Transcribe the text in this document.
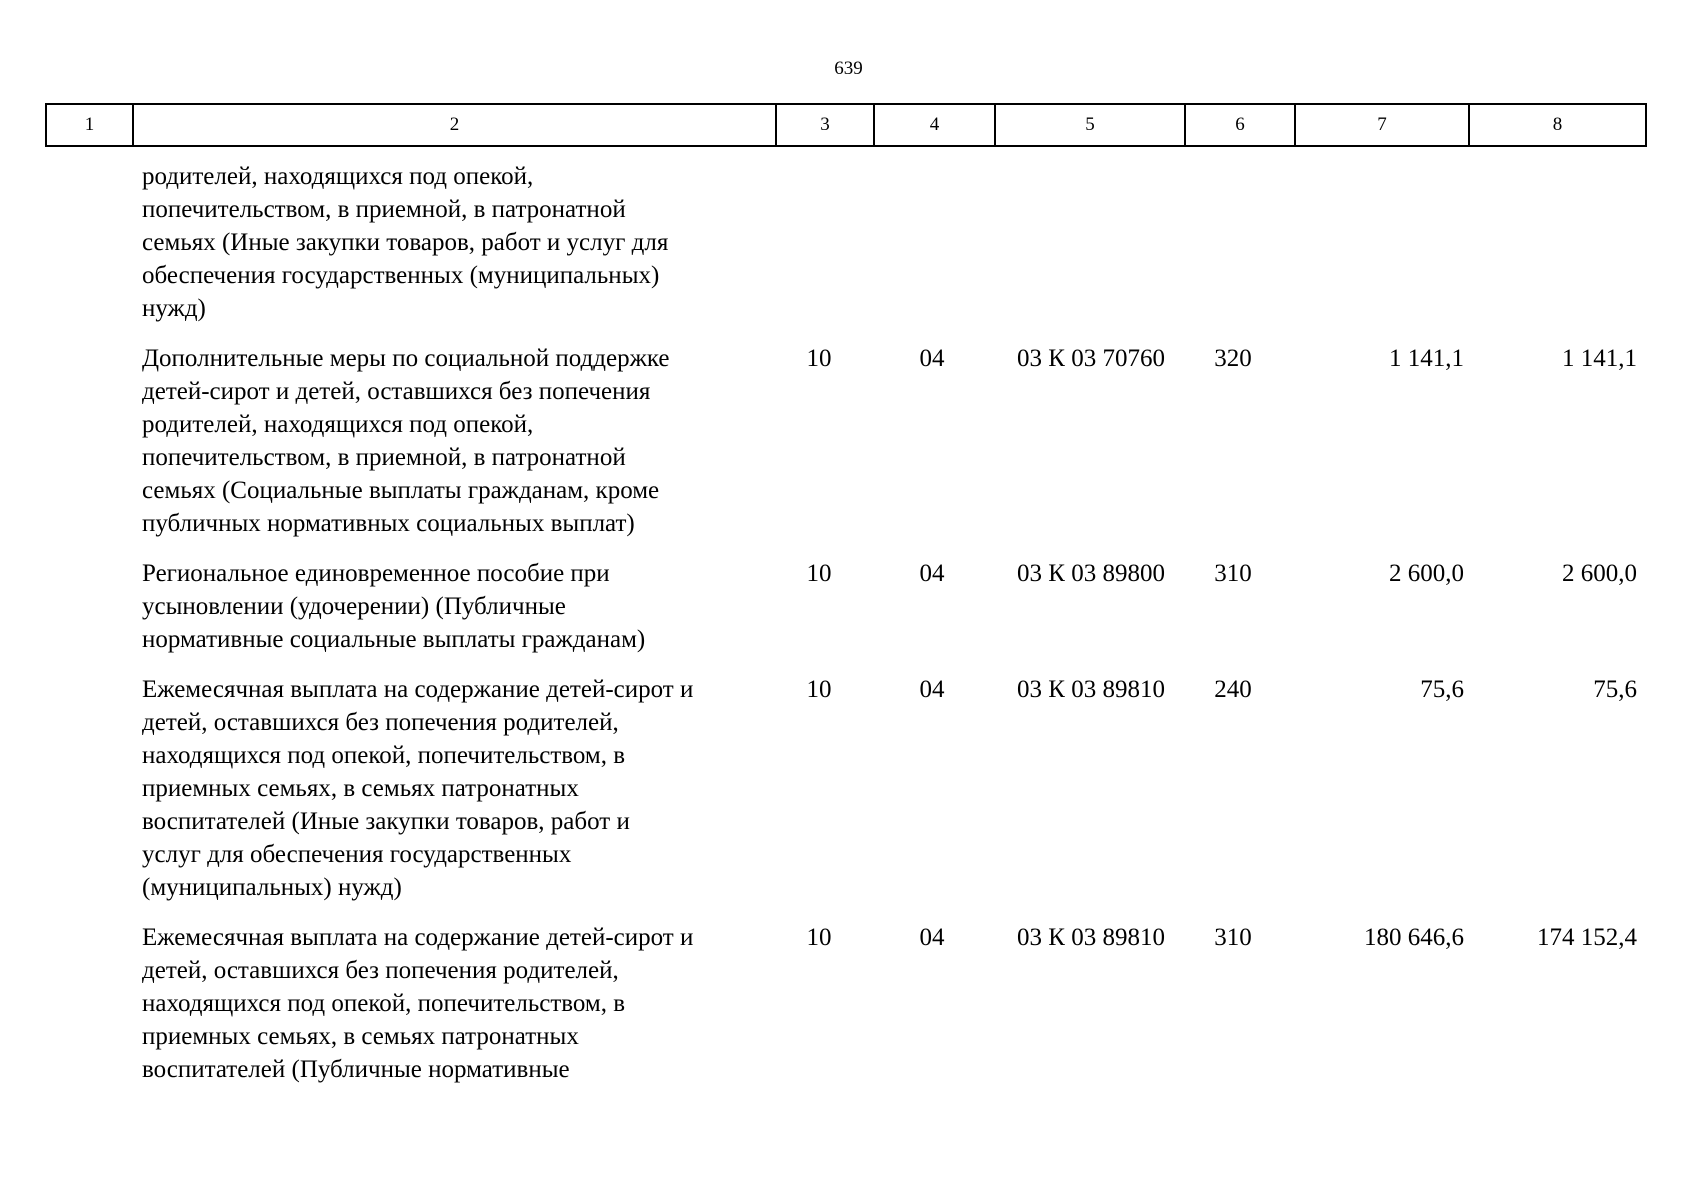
639
1	2	3	4	5	6	7	8
родителей, находящихся под опекой,
попечительством, в приемной, в патронатной
семьях (Иные закупки товаров, работ и услуг для
обеспечения государственных (муниципальных)
нужд)
Дополнительные меры по социальной поддержке
детей-сирот и детей, оставшихся без попечения
родителей, находящихся под опекой,
попечительством, в приемной, в патронатной
семьях (Социальные выплаты гражданам, кроме
публичных нормативных социальных выплат)
10	04	03 К 03 70760	320	1 141,1	1 141,1
Региональное единовременное пособие при
усыновлении (удочерении) (Публичные
нормативные социальные выплаты гражданам)
10	04	03 К 03 89800	310	2 600,0	2 600,0
Ежемесячная выплата на содержание детей-сирот и
детей, оставшихся без попечения родителей,
находящихся под опекой, попечительством, в
приемных семьях, в семьях патронатных
воспитателей (Иные закупки товаров, работ и
услуг для обеспечения государственных
(муниципальных) нужд)
10	04	03 К 03 89810	240	75,6	75,6
Ежемесячная выплата на содержание детей-сирот и
детей, оставшихся без попечения родителей,
находящихся под опекой, попечительством, в
приемных семьях, в семьях патронатных
воспитателей (Публичные нормативные
10	04	03 К 03 89810	310	180 646,6	174 152,4
